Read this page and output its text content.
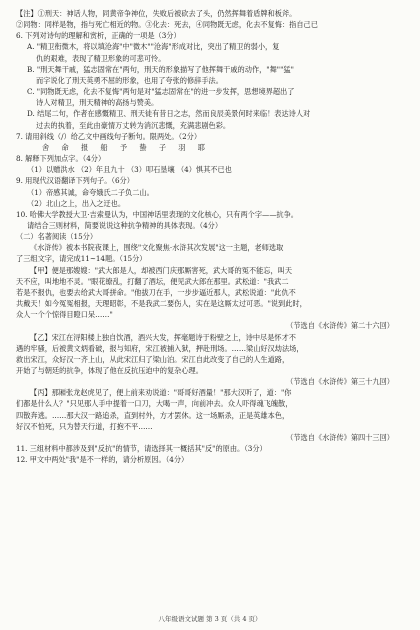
【注】①刑天：神话人物，同黄帝争神位，失败后被砍去了头，仍然挥舞着盾牌和板斧。
②同物：同样是物，指与死亡相近的物。③化去：死去，④同物既无虑，化去不复悔：指自己已
6. 下列对诗句的理解和赏析，正确的一项是（3分）
A. "精卫衔微木，将以填沧海"中"微木""沧海"形成对比，突出了精卫的弱小，复
仇的艰难，表现了精卫形象的可悲可怜。
B. "刑天舞干戚，猛志固常在"两句，刑天的形象描写了他挥舞干戚的动作，"舞""猛"
而字说化了刑天英勇不屈的形象，也用了夸张的修辞手法。
C. "同物既无虑，化去不复悔"两句是对"猛志固常在"的进一步发挥，思想境界超出了
诗人对精卫，刑天精神的高扬与赞美。
D. 结尾二句，作者在感慨精卫、刑天徒有昔日之志，然而良辰美景何时来临！表达诗人对
过去的执着，至此由豪情万丈转为消沉悲慨，充满悲剧色彩。
7. 请用斜线（/）给乙文中画线句子断句。限两处。（2分）
舍 命 报 船 予 蛰 子 羽 耶
8. 解释下列加点字。（4分）
（1）以赠洪水 （2）年且九十 （3）叩石垦壤 （4）惧其不已也
9. 用现代汉语翻译下列句子。（6分）
（1）帝感其诚，命夸娥氏二子负二山。
（2）北山之上，出入之迂也。
10. 哈佛大学教授大卫·吉索曼认为，中国神话里表现的文化核心，只有两个字——抗争。
请结合三则材料，简要说说这种抗争精神的具体表现。（4分）
（二）名著阅读（15分）
《水浒传》被本书院夜课上，围绕"文化聚焦·水浒其次发展"这一主题，老师选取
了三组文字，请完成11~14题。（15分）
【甲】便是那嫂嫂："武大郎是人，却被西门庆那厮害死，武大哥的冤不能忘，叫天
天不应，叫地地不灵。"眼花缭乱，打翻了酒坛，便见武大郎在那里。武松道："我武二
若是不报仇，也要去给武大哥拼命。"他拔刀在手，一步步逼近那人，武松说道："此仇不
共戴天！如今冤冤相报，天理昭彰，不是我武二要伤人，实在是这厮太过可恶。"说到此时，
众人一个个惊得目瞪口呆……"
（节选自《水浒传》第二十六回）
【乙】宋江在浔阳楼上独自饮酒，酒兴大发，挥毫题诗于粉壁之上，诗中尽是怀才不
遇的牢骚，后被黄文炳看破，报与知府，宋江被捕入狱，押赴刑场。……梁山好汉劫法场，
救出宋江，众好汉一齐上山，从此宋江归了梁山泊。宋江自此改变了自己的人生道路，
开始了与朝廷的抗争，体现了他在反抗压迫中的复杂心理。
（节选自《水浒传》第三十九回）
【丙】那厢张龙赵虎见了，便上前来劝说道："哥哥好酒量！"那大汉听了，道："你
们都是什么人？"只见那人手中提着一口刀，大喝一声，向前冲去。众人吓得魂飞魄散，
四散奔逃。……那大汉一路追杀，直到村外，方才罢休。这一场厮杀，正是英雄本色，
好汉不怕死，只为替天行道，打抱不平……
（节选自《水浒传》第四十三回）
11. 三组材料中都涉及到"反抗"的情节，请选择其一概括其"反"的原由。（3分）
12. 甲文中两处"我"是不一样的，请分析原因。（4分）
八年级语文试题 第 3 页（共 4 页）
